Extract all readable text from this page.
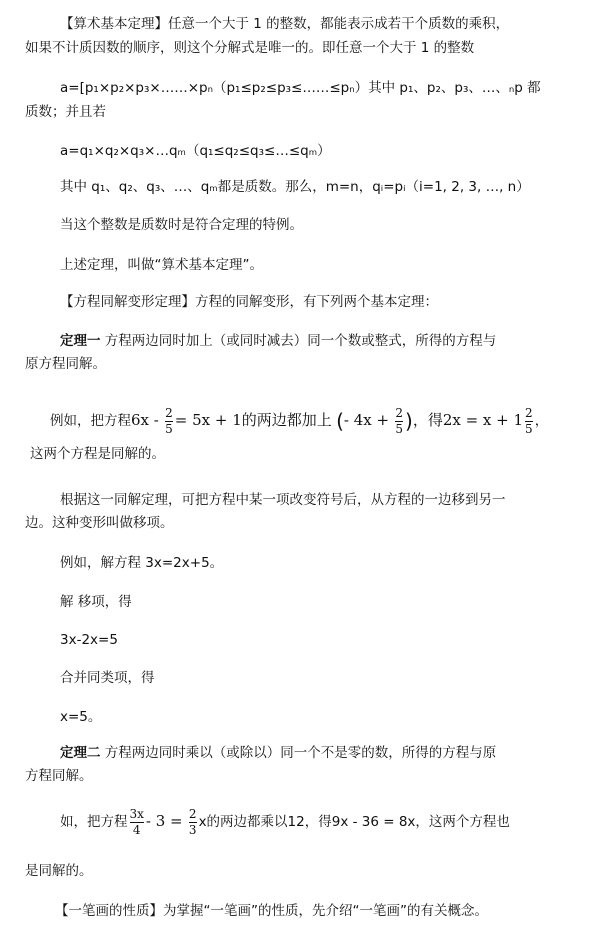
【算术基本定理】任意一个大于 1 的整数，都能表示成若干个质数的乘积，
如果不计质因数的顺序，则这个分解式是唯一的。即任意一个大于 1 的整数
a=[p₁×p₂×p₃×……×pₙ（p₁≤p₂≤p₃≤……≤pₙ）其中 p₁、p₂、p₃、…、ₙp 都
质数；并且若
a=q₁×q₂×q₃×…qₘ（q₁≤q₂≤q₃≤…≤qₘ）
其中 q₁、q₂、q₃、…、qₘ都是质数。那么，m=n，qᵢ=pᵢ（i=1, 2, 3, …, n）
当这个整数是质数时是符合定理的特例。
上述定理，叫做“算术基本定理”。
【方程同解变形定理】方程的同解变形，有下列两个基本定理：
定理一 方程两边同时加上（或同时减去）同一个数或整式，所得的方程与
原方程同解。
例如，把方程$6x - \frac{2}{5} = 5x + 1$的两边都加上 (- $4x + \frac{2}{5}$ )，得$2x = x + 1 \frac{2}{5}$ ，
这两个方程是同解的。
根据这一同解定理，可把方程中某一项改变符号后，从方程的一边移到另一
边。这种变形叫做移项。
例如，解方程 3x=2x+5。
解 移项，得
3x-2x=5
合并同类项，得
x=5。
定理二 方程两边同时乘以（或除以）同一个不是零的数，所得的方程与原
方程同解。
如，把方程 $\frac{3x}{4} - 3 = \frac{2}{3}$ x的两边都乘以12，得9x - 36 = 8x，这两个方程也
是同解的。
【一笔画的性质】为掌握“一笔画”的性质，先介绍“一笔画”的有关概念。
